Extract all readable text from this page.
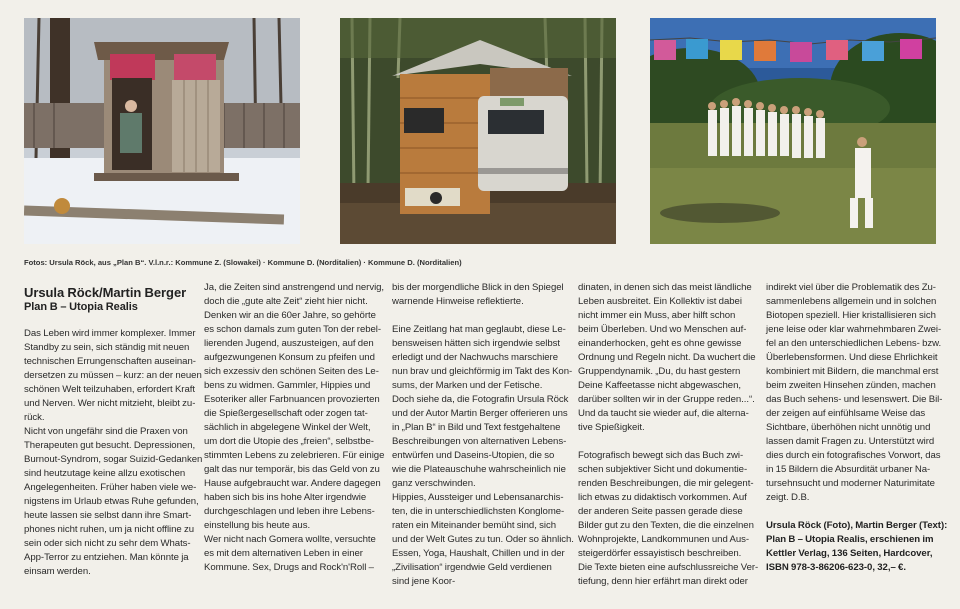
Fotos: Ursula Röck, aus „Plan B“. V.l.n.r.: Kommune Z. (Slowakei) · Kommune D. (Norditalien) · Kommune D. (Norditalien)

Ursula Röck/Martin Berger

Plan B – Utopia Realis

Das Leben wird immer komplexer. Immer

Standby zu sein, sich ständig mit neuen

technischen Errungenschaften auseinan-

dersetzen zu müssen – kurz: an der neuen

schönen Welt teilzuhaben, erfordert Kraft

und Nerven. Wer nicht mitzieht, bleibt zu-

rück.

Nicht von ungefähr sind die Praxen von

Therapeuten gut besucht. Depressionen,

Burnout-Syndrom, sogar Suizid-Gedanken

sind heutzutage keine allzu exotischen

Angelegenheiten. Früher haben viele we-

nigstens im Urlaub etwas Ruhe gefunden,

heute lassen sie selbst dann ihre Smart-

phones nicht ruhen, um ja nicht offline zu

sein oder sich nicht zu sehr dem Whats-

App-Terror zu entziehen. Man könnte ja

einsam werden.

Ja, die Zeiten sind anstrengend und nervig,

doch die „gute alte Zeit“ zieht hier nicht.

Denken wir an die 60er Jahre, so gehörte

es schon damals zum guten Ton der rebel-

lierenden Jugend, auszusteigen, auf den

aufgezwungenen Konsum zu pfeifen und

sich exzessiv den schönen Seiten des Le-

bens zu widmen. Gammler, Hippies und

Esoteriker aller Farbnuancen provozierten

die Spießergesellschaft oder zogen tat-

sächlich in abgelegene Winkel der Welt,

um dort die Utopie des „freien“, selbstbe-

stimmten Lebens zu zelebrieren. Für einige

galt das nur temporär, bis das Geld von zu

Hause aufgebraucht war. Andere dagegen

haben sich bis ins hohe Alter irgendwie

durchgeschlagen und leben ihre Lebens-

einstellung bis heute aus.

Wer nicht nach Gomera wollte, versuchte

es mit dem alternativen Leben in einer

Kommune. Sex, Drugs and Rock'n'Roll –

bis der morgendliche Blick in den Spiegel

warnende Hinweise reflektierte.

Eine Zeitlang hat man geglaubt, diese Le-

bensweisen hätten sich irgendwie selbst

erledigt und der Nachwuchs marschiere

nun brav und gleichförmig im Takt des Kon-

sums, der Marken und der Fetische.

Doch siehe da, die Fotografin Ursula Röck

und der Autor Martin Berger offerieren uns

in „Plan B“ in Bild und Text festgehaltene

Beschreibungen von alternativen Lebens-

entwürfen und Daseins-Utopien, die so

wie die Plateauschuhe wahrscheinlich nie

ganz verschwinden.

Hippies, Aussteiger und Lebensanarchis-

ten, die in unterschiedlichsten Konglome-

raten ein Miteinander bemüht sind, sich

und der Welt Gutes zu tun. Oder so ähnlich.

Essen, Yoga, Haushalt, Chillen und in der

„Zivilisation“ irgendwie Geld verdienen

sind jene Koor-

dinaten, in denen sich das meist ländliche

Leben ausbreitet. Ein Kollektiv ist dabei

nicht immer ein Muss, aber hilft schon

beim Überleben. Und wo Menschen auf-

einanderhocken, geht es ohne gewisse

Ordnung und Regeln nicht. Da wuchert die

Gruppendynamik. „Du, du hast gestern

Deine Kaffeetasse nicht abgewaschen,

darüber sollten wir in der Gruppe reden...“.

Und da taucht sie wieder auf, die alterna-

tive Spießigkeit.

Fotografisch bewegt sich das Buch zwi-

schen subjektiver Sicht und dokumentie-

renden Beschreibungen, die mir gelegent-

lich etwas zu didaktisch vorkommen. Auf

der anderen Seite passen gerade diese

Bilder gut zu den Texten, die die einzelnen

Wohnprojekte, Landkommunen und Aus-

steigerdörfer essayistisch beschreiben.

Die Texte bieten eine aufschlussreiche Ver-

tiefung, denn hier erfährt man direkt oder

indirekt viel über die Problematik des Zu-

sammenlebens allgemein und in solchen

Biotopen speziell. Hier kristallisieren sich

jene leise oder klar wahrnehmbaren Zwei-

fel an den unterschiedlichen Lebens- bzw.

Überlebensformen. Und diese Ehrlichkeit

kombiniert mit Bildern, die manchmal erst

beim zweiten Hinsehen zünden, machen

das Buch sehens- und lesenswert. Die Bil-

der zeigen auf einfühlsame Weise das

Sichtbare, überhöhen nicht unnötig und

lassen damit Fragen zu. Unterstützt wird

dies durch ein fotografisches Vorwort, das

in 15 Bildern die Absurdität urbaner Na-

tursehnsucht und moderner Naturimitate

zeigt. D.B.

Ursula Röck (Foto), Martin Berger (Text):

Plan B – Utopia Realis, erschienen im

Kettler Verlag, 136 Seiten, Hardcover,

ISBN 978-3-86206-623-0, 32,– €.
